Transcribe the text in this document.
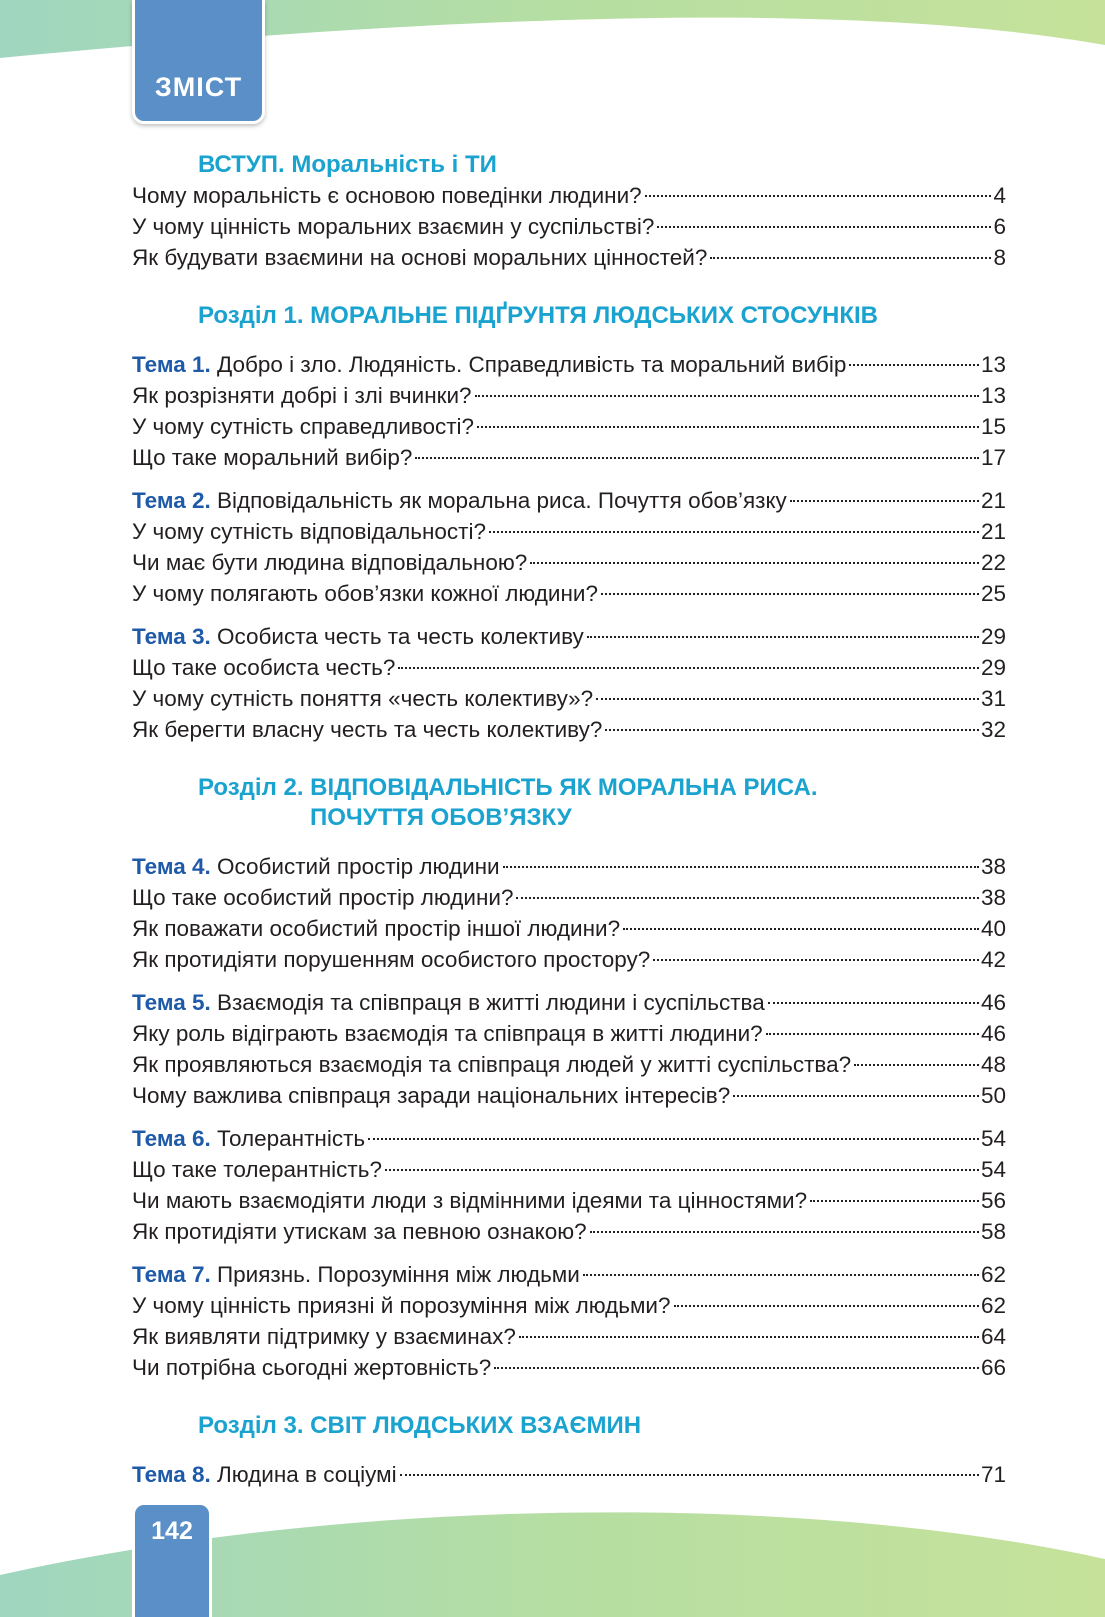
ЗМІСТ
ВСТУП. Моральність і ТИ
Чому моральність є основою поведінки людини?	4
У чому цінність моральних взаємин у суспільстві?	6
Як будувати взаємини на основі моральних цінностей?	8
Розділ 1. МОРАЛЬНЕ ПІДҐРУНТЯ ЛЮДСЬКИХ СТОСУНКІВ
Тема 1. Добро і зло. Людяність. Справедливість та моральний вибір	13
Як розрізняти добрі і злі вчинки?	13
У чому сутність справедливості?	15
Що таке моральний вибір?	17
Тема 2. Відповідальність як моральна риса. Почуття обов’язку	21
У чому сутність відповідальності?	21
Чи має бути людина відповідальною?	22
У чому полягають обов’язки кожної людини?	25
Тема 3. Особиста честь та честь колективу	29
Що таке особиста честь?	29
У чому сутність поняття «честь колективу»?	31
Як берегти власну честь та честь колективу?	32
Розділ 2. ВІДПОВІДАЛЬНІСТЬ ЯК МОРАЛЬНА РИСА.
ПОЧУТТЯ ОБОВ’ЯЗКУ
Тема 4. Особистий простір людини	38
Що таке особистий простір людини?	38
Як поважати особистий простір іншої людини?	40
Як протидіяти порушенням особистого простору?	42
Тема 5. Взаємодія та співпраця в житті людини і суспільства	46
Яку роль відіграють взаємодія та співпраця в житті людини?	46
Як проявляються взаємодія та співпраця людей у житті суспільства?	48
Чому важлива співпраця заради національних інтересів?	50
Тема 6. Толерантність	54
Що таке толерантність?	54
Чи мають взаємодіяти люди з відмінними ідеями та цінностями?	56
Як протидіяти утискам за певною ознакою?	58
Тема 7. Приязнь. Порозуміння між людьми	62
У чому цінність приязні й порозуміння між людьми?	62
Як виявляти підтримку у взаєминах?	64
Чи потрібна сьогодні жертовність?	66
Розділ 3. СВІТ ЛЮДСЬКИХ ВЗАЄМИН
Тема 8. Людина в соціумі	71
142
